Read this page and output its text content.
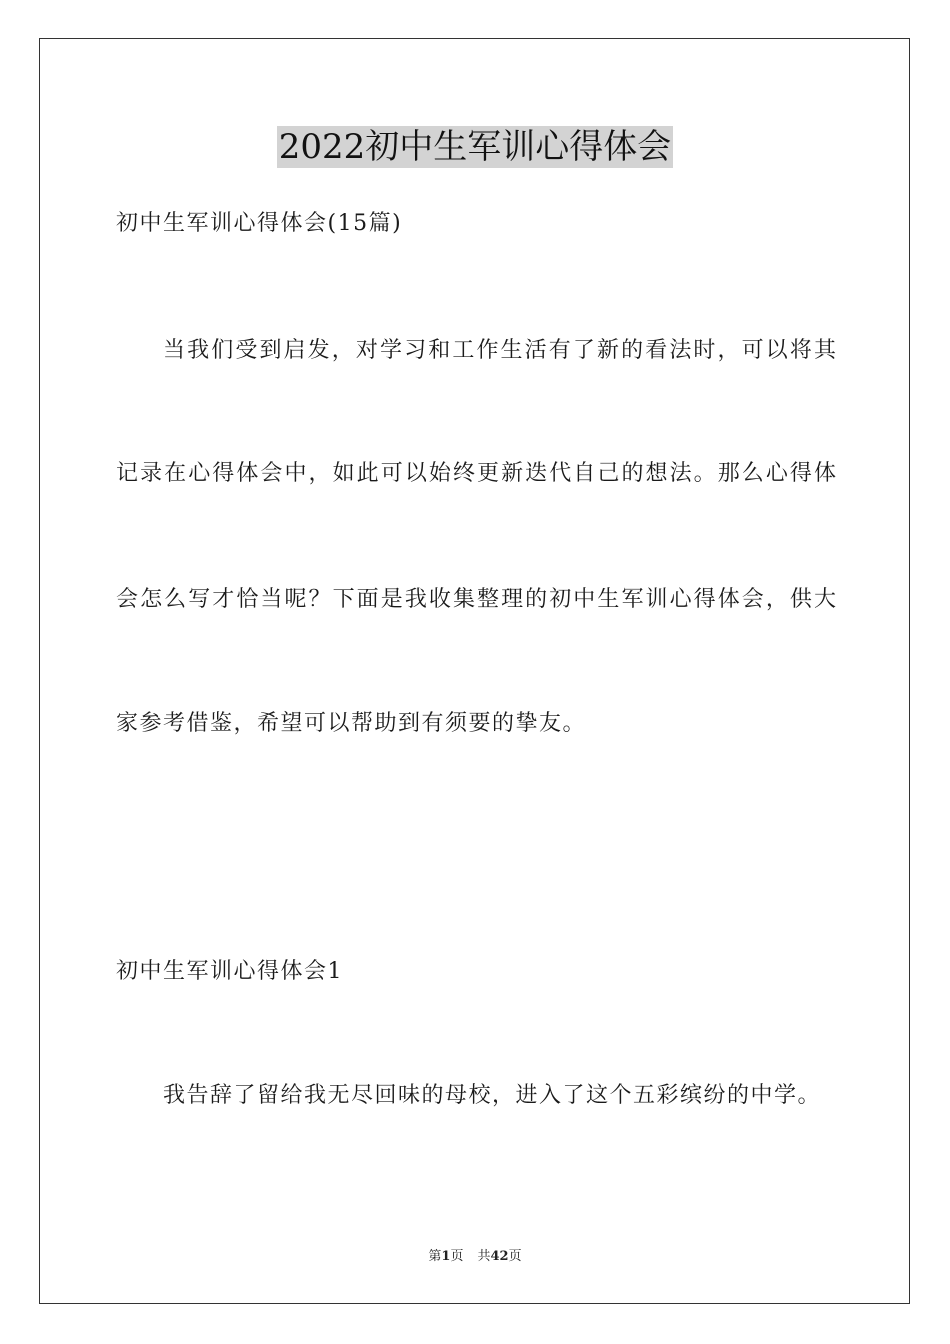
2022初中生军训心得体会
初中生军训心得体会(15篇)
当我们受到启发，对学习和工作生活有了新的看法时，可以将其
记录在心得体会中，如此可以始终更新迭代自己的想法。那么心得体
会怎么写才恰当呢？下面是我收集整理的初中生军训心得体会，供大
家参考借鉴，希望可以帮助到有须要的挚友。
初中生军训心得体会1
我告辞了留给我无尽回味的母校，进入了这个五彩缤纷的中学。
第1页 共42页
